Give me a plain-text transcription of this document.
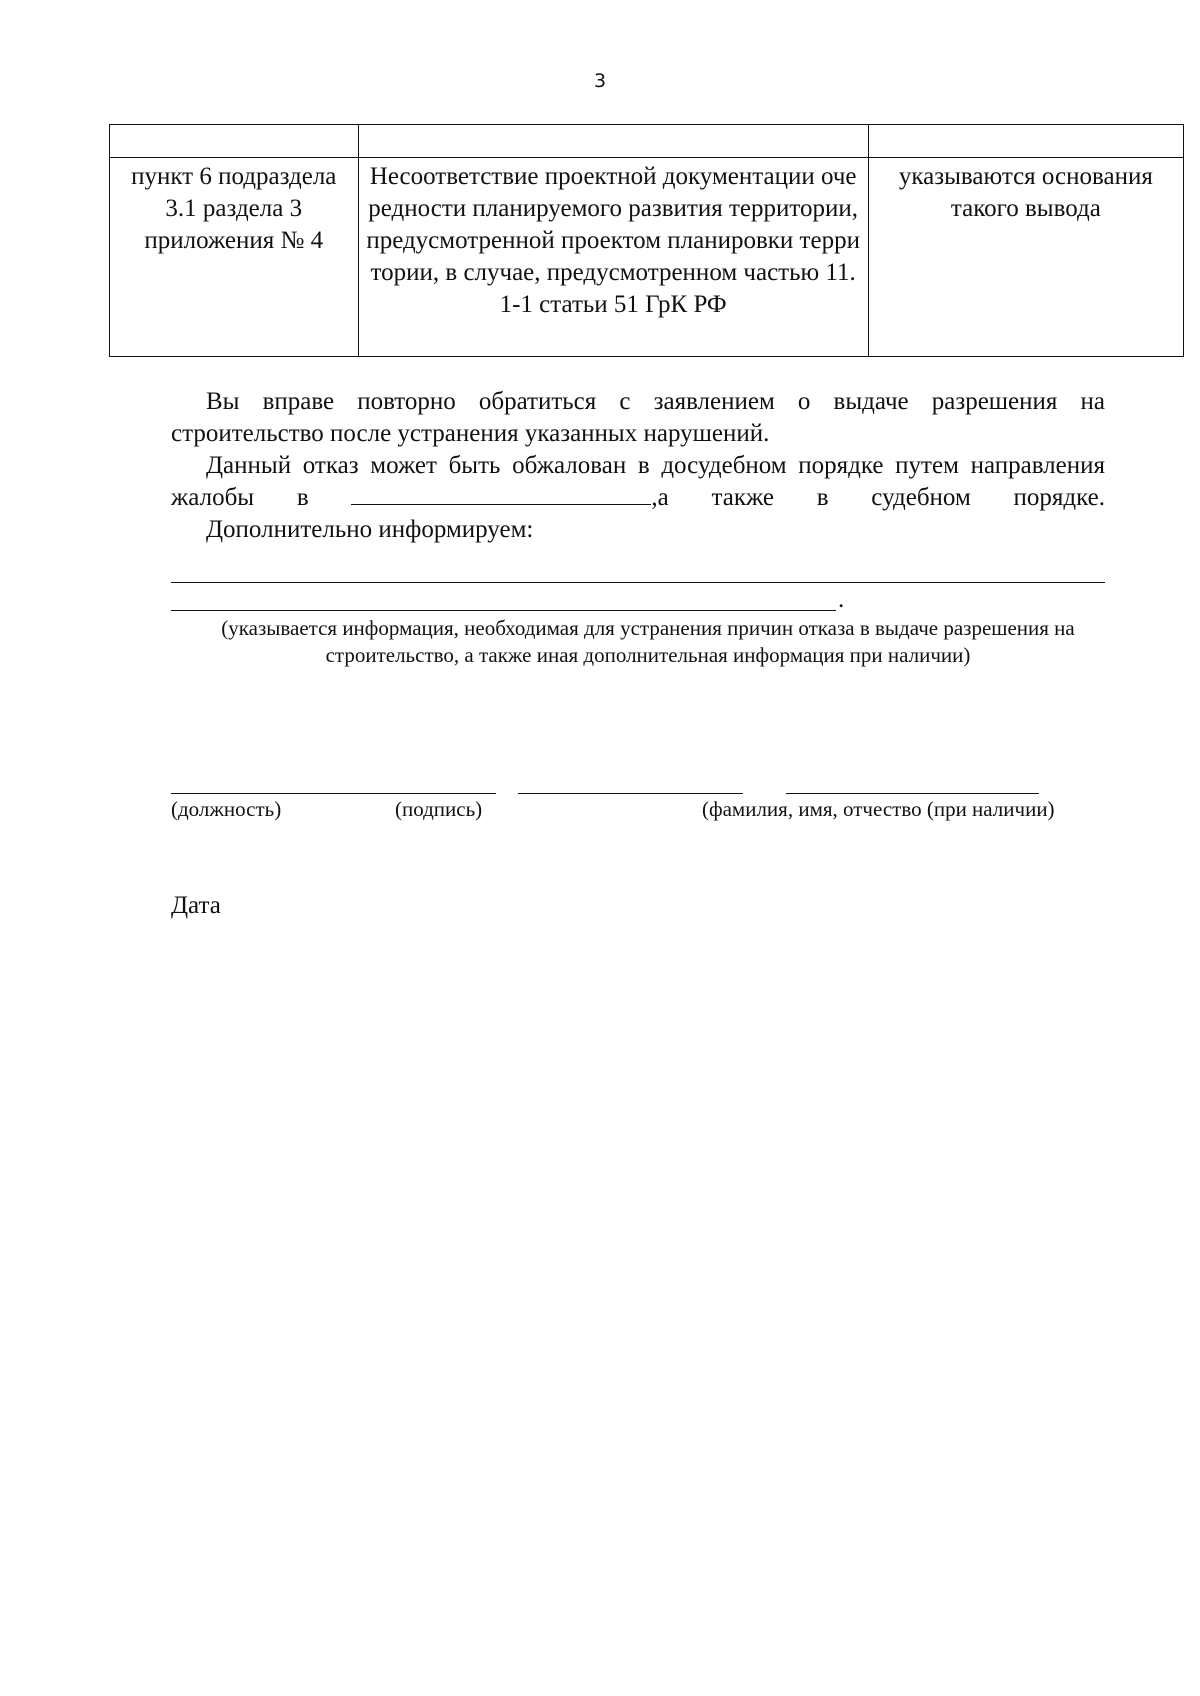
3

пункт 6 подраздела 3.1 раздела 3 приложения № 4	Несоответствие проектной документации очередности планируемого развития территории, предусмотренной проектом планировки территории, в случае, предусмотренном частью 11.1-1 статьи 51 ГрК РФ	указываются основания такого вывода

Вы вправе повторно обратиться с заявлением о выдаче разрешения на строительство после устранения указанных нарушений.

Данный отказ может быть обжалован в досудебном порядке путем направления жалобы в	,а также в судебном порядке.

Дополнительно информируем:

.
(указывается информация, необходимая для устранения причин отказа в выдаче разрешения на строительство, а также иная дополнительная информация при наличии)
(должность)	(подпись)	(фамилия, имя, отчество (при наличии)
Дата
